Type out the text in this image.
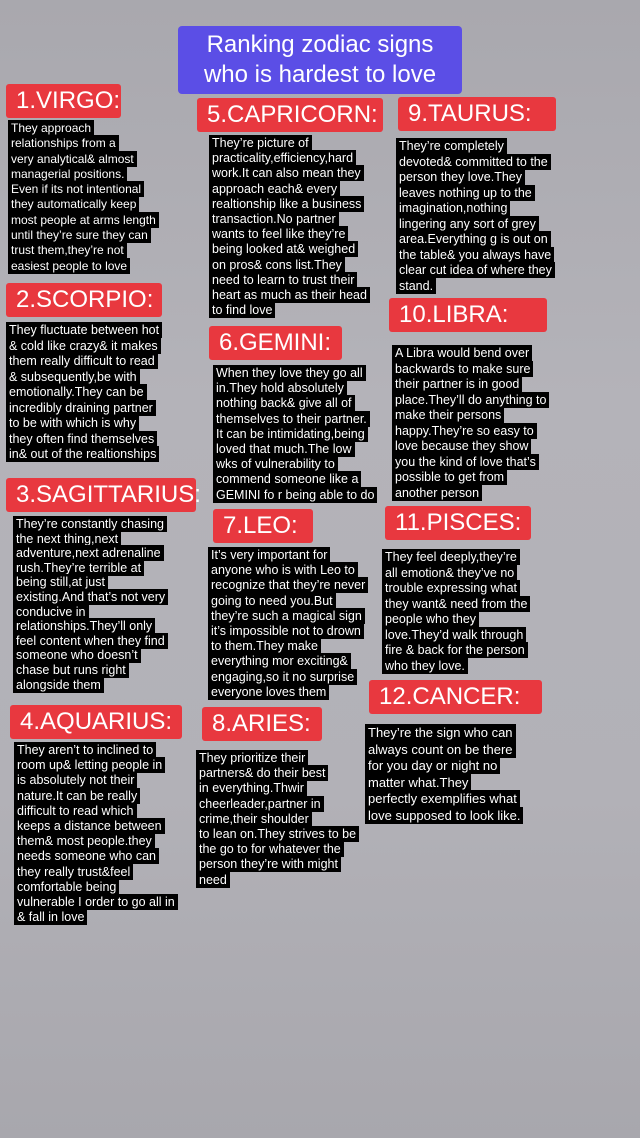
Ranking zodiac signs
who is hardest to love
1.VIRGO:

They approach
relationships from a
very analytical& almost
managerial positions.
Even if its not intentional
they automatically keep
most people at arms length
until they’re sure they can
trust them,they’re not
easiest people to love

2.SCORPIO:

They fluctuate between hot
& cold like crazy& it makes
them really difficult to read
& subsequently,be with
emotionally.They can be
incredibly draining partner
to be with which is why
they often find themselves
in& out of the realtionships

3.SAGITTARIUS:

They’re constantly chasing
the next thing,next
adventure,next adrenaline
rush.They’re terrible at
being still,at just
existing.And that’s not very
conducive in
relationships.They’ll only
feel content when they find
someone who doesn’t
chase but runs right
alongside them

4.AQUARIUS:

They aren’t to inclined to
room up& letting people in
is absolutely not their
nature.It can be really
difficult to read which
keeps a distance between
them& most people.they
needs someone who can
they really trust&feel
comfortable being
vulnerable I order to go all in
& fall in love

5.CAPRICORN:

They’re picture of
practicality,efficiency,hard
work.It can also mean they
approach each& every
realtionship like a business
transaction.No partner
wants to feel like they’re
being looked at& weighed
on pros& cons list.They
need to learn to trust their
heart as much as their head
to find love

6.GEMINI:

When they love they go all
in.They hold absolutely
nothing back& give all of
themselves to their partner.
It can be intimidating,being
loved that much.The low
wks of vulnerability to
commend someone like a
GEMINI fo r being able to do

7.LEO:

It’s very important for
anyone who is with Leo to
recognize that they’re never
going to need you.But
they’re such a magical sign
it’s impossible not to drown
to them.They make
everything mor exciting&
engaging,so it no surprise
everyone loves them

8.ARIES:

They prioritize their
partners& do their best
in everything.Thwir
cheerleader,partner in
crime,their shoulder
to lean on.They strives to be
the go to for whatever the
person they’re with might
need

9.TAURUS:

They’re completely
devoted& committed to the
person they love.They
leaves nothing up to the
imagination,nothing
lingering any sort of grey
area.Everything g is out on
the table& you always have
clear cut idea of where they
stand.

10.LIBRA:

A Libra would bend over
backwards to make sure
their partner is in good
place.They’ll do anything to
make their persons
happy.They’re so easy to
love because they show
you the kind of love that’s
possible to get from
another person

11.PISCES:

They feel deeply,they’re
all emotion& they’ve no
trouble expressing what
they want& need from the
people who they
love.They’d walk through
fire & back for the person
who they love.

12.CANCER:

They’re the sign who can
always count on be there
for you day or night no
matter what.They
perfectly exemplifies what
love supposed to look like.
